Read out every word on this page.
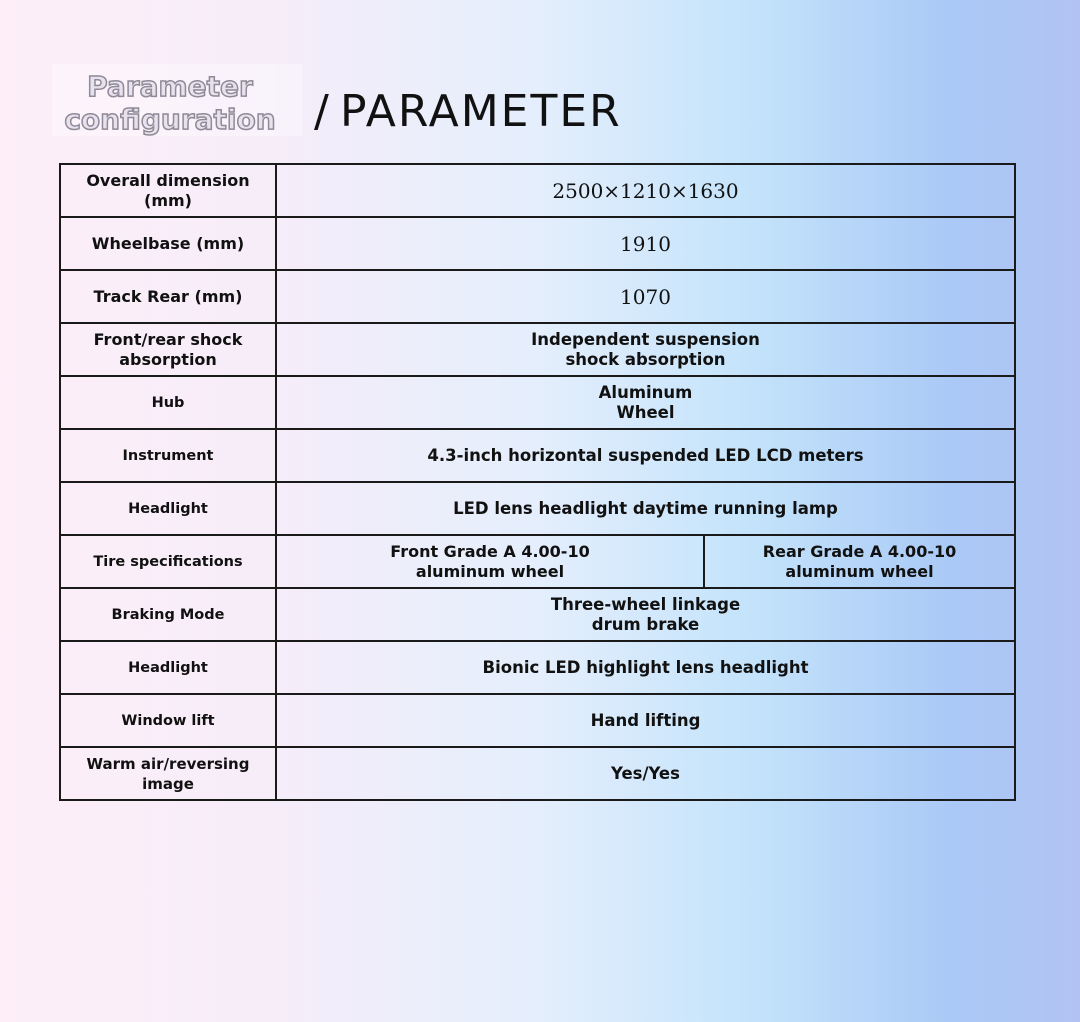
Parameter configuration / PARAMETER
Overall dimension (mm)	2500×1210×1630	
Wheelbase (mm)	1910	
Track Rear (mm)	1070	
Front/rear shock absorption	Independent suspension shock absorption	
Hub	Aluminum Wheel	
Instrument	4.3-inch horizontal suspended LED LCD meters	
Headlight	LED lens headlight daytime running lamp	
Tire specifications	Front Grade A 4.00-10 aluminum wheel	Rear Grade A 4.00-10 aluminum wheel
Braking Mode	Three-wheel linkage drum brake	
Headlight	Bionic LED highlight lens headlight	
Window lift	Hand lifting	
Warm air/reversing image	Yes/Yes	
